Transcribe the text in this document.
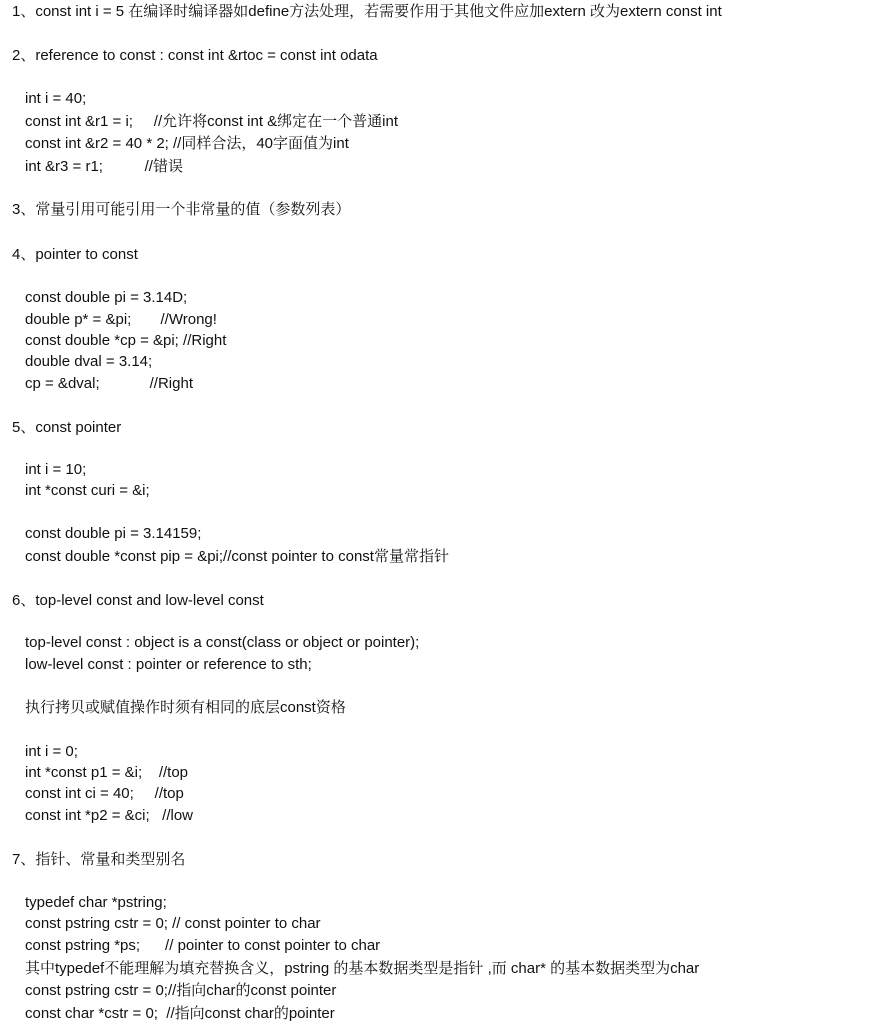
1、const int i = 5 在编译时编译器如define方法处理，若需要作用于其他文件应加extern 改为extern const int
2、reference to const : const int &rtoc = const int odata
int i = 40;
const int &r1 = i;     //允许将const int &绑定在一个普通int
const int &r2 = 40 * 2; //同样合法，40字面值为int
int &r3 = r1;          //错误
3、常量引用可能引用一个非常量的值（参数列表）
4、pointer to const
const double pi = 3.14D;
double p* = &pi;       //Wrong!
const double *cp = &pi; //Right
double dval = 3.14;
cp = &dval;            //Right
5、const pointer
int i = 10;
int *const curi = &i;
const double pi = 3.14159;
const double *const pip = &pi;//const pointer to const常量常指针
6、top-level const and low-level const
top-level const : object is a const(class or object or pointer);
low-level const : pointer or reference to sth;
执行拷贝或赋值操作时须有相同的底层const资格
int i = 0;
int *const p1 = &i;    //top
const int ci = 40;     //top
const int *p2 = &ci;   //low
7、指针、常量和类型别名
typedef char *pstring;
const pstring cstr = 0; // const pointer to char
const pstring *ps;      // pointer to const pointer to char
其中typedef不能理解为填充替换含义，pstring 的基本数据类型是指针 ,而 char* 的基本数据类型为char
const pstring cstr = 0;//指向char的const pointer
const char *cstr = 0;  //指向const char的pointer
